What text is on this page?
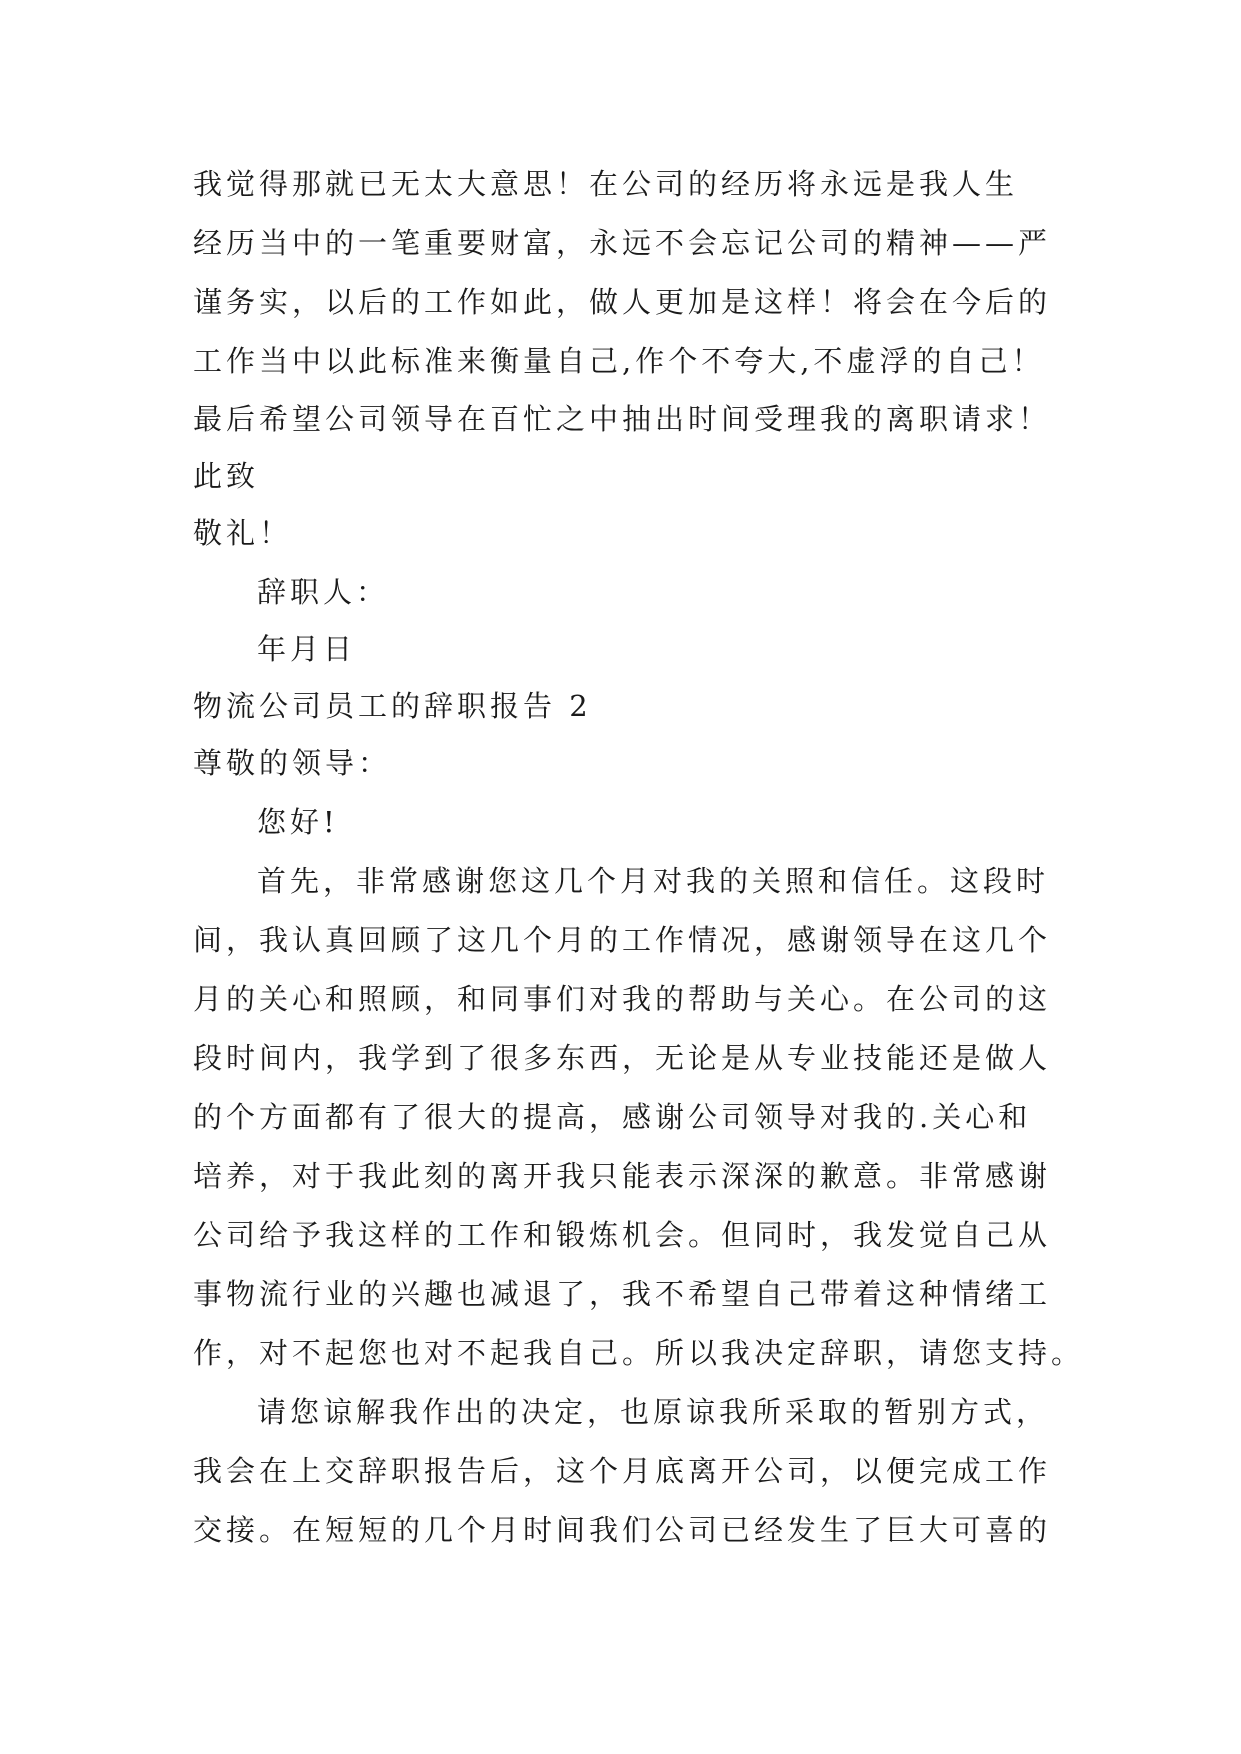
我觉得那就已无太大意思！在公司的经历将永远是我人生

经历当中的一笔重要财富，永远不会忘记公司的精神——严

谨务实，以后的工作如此，做人更加是这样！将会在今后的

工作当中以此标准来衡量自己,作个不夸大,不虚浮的自己！

最后希望公司领导在百忙之中抽出时间受理我的离职请求！

此致

敬礼！

辞职人：

年月日

物流公司员工的辞职报告 2

尊敬的领导：

您好!

首先，非常感谢您这几个月对我的关照和信任。这段时

间，我认真回顾了这几个月的工作情况，感谢领导在这几个

月的关心和照顾，和同事们对我的帮助与关心。在公司的这

段时间内，我学到了很多东西，无论是从专业技能还是做人

的个方面都有了很大的提高，感谢公司领导对我的.关心和

培养，对于我此刻的离开我只能表示深深的歉意。非常感谢

公司给予我这样的工作和锻炼机会。但同时，我发觉自己从

事物流行业的兴趣也减退了，我不希望自己带着这种情绪工

作，对不起您也对不起我自己。所以我决定辞职，请您支持。

请您谅解我作出的决定，也原谅我所采取的暂别方式，

我会在上交辞职报告后，这个月底离开公司，以便完成工作

交接。在短短的几个月时间我们公司已经发生了巨大可喜的
